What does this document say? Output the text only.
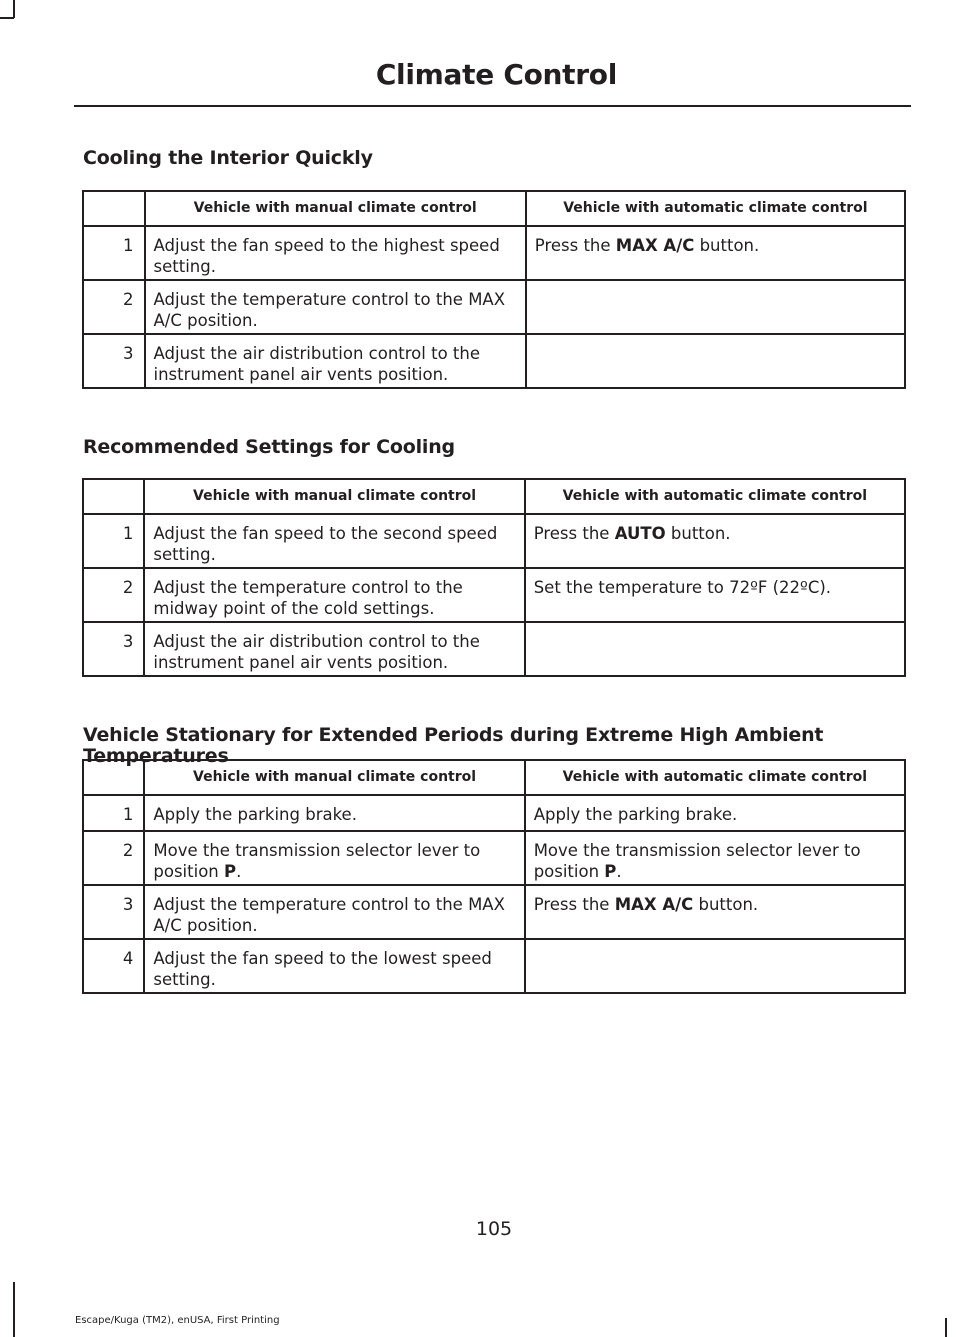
Climate Control
Cooling the Interior Quickly
	Vehicle with manual climate control	Vehicle with automatic climate control
1	Adjust the fan speed to the highest speed setting.	Press the MAX A/C button.
2	Adjust the temperature control to the MAX A/C position.	
3	Adjust the air distribution control to the instrument panel air vents position.	
Recommended Settings for Cooling
	Vehicle with manual climate control	Vehicle with automatic climate control
1	Adjust the fan speed to the second speed setting.	Press the AUTO button.
2	Adjust the temperature control to the midway point of the cold settings.	Set the temperature to 72ºF (22ºC).
3	Adjust the air distribution control to the instrument panel air vents position.	
Vehicle Stationary for Extended Periods during Extreme High Ambient Temperatures
	Vehicle with manual climate control	Vehicle with automatic climate control
1	Apply the parking brake.	Apply the parking brake.
2	Move the transmission selector lever to position P.	Move the transmission selector lever to position P.
3	Adjust the temperature control to the MAX A/C position.	Press the MAX A/C button.
4	Adjust the fan speed to the lowest speed setting.	
105
Escape/Kuga (TM2), enUSA, First Printing
